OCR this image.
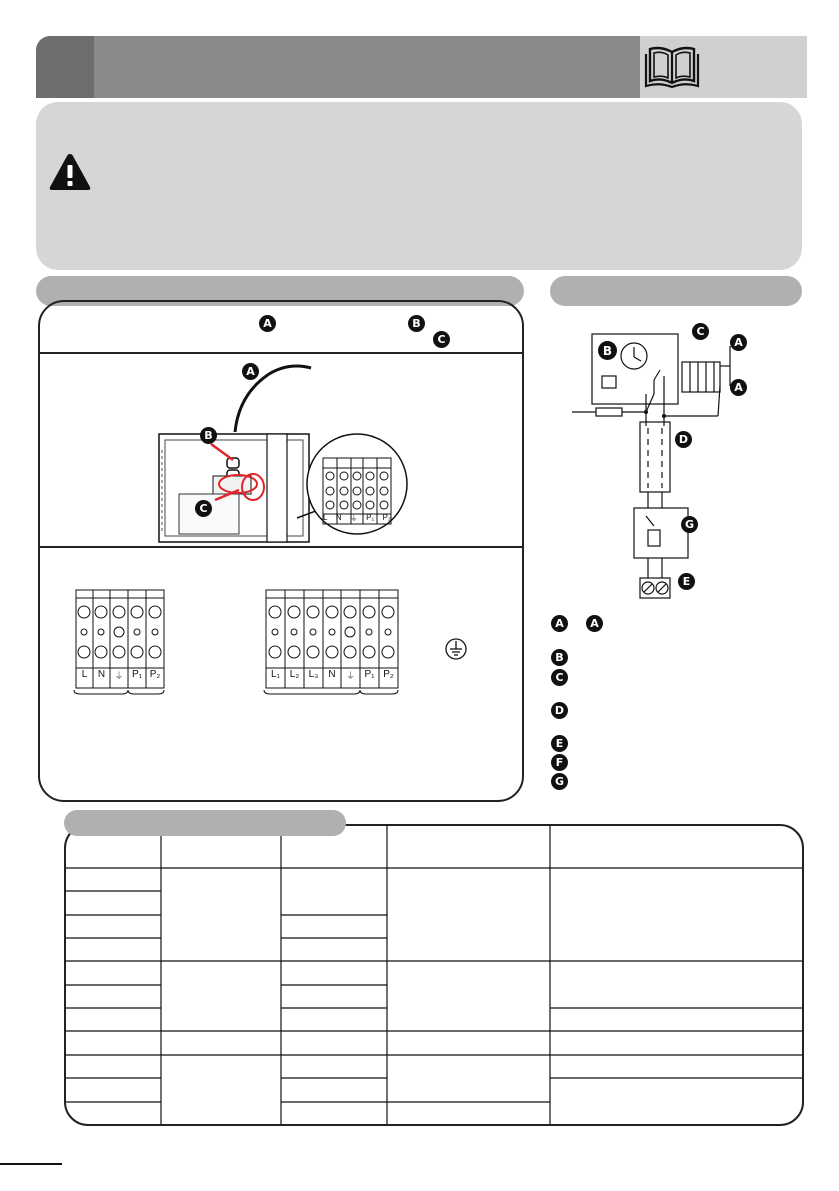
A	B
C
A
B
C
L N ⏚ P₁ P₂
L	N	⏚ P₁ P₂	L₁ L₂ L₃	N	⏚ P₁ P₂
B
C
A
A
D
G
E
A	A
B
C
D
E
F
G
